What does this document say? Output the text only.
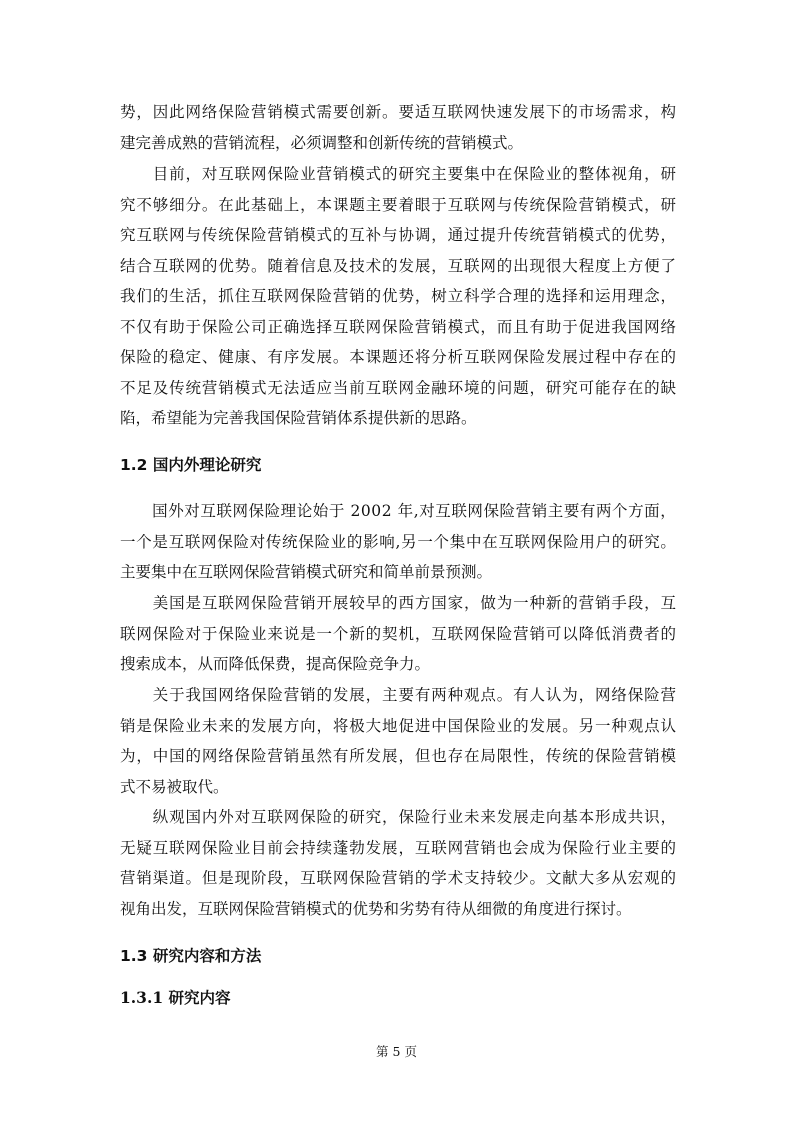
势，因此网络保险营销模式需要创新。要适互联网快速发展下的市场需求，构
建完善成熟的营销流程，必须调整和创新传统的营销模式。

　　目前，对互联网保险业营销模式的研究主要集中在保险业的整体视角，研
究不够细分。在此基础上，本课题主要着眼于互联网与传统保险营销模式，研
究互联网与传统保险营销模式的互补与协调，通过提升传统营销模式的优势，
结合互联网的优势。随着信息及技术的发展，互联网的出现很大程度上方便了
我们的生活，抓住互联网保险营销的优势，树立科学合理的选择和运用理念，
不仅有助于保险公司正确选择互联网保险营销模式，而且有助于促进我国网络
保险的稳定、健康、有序发展。本课题还将分析互联网保险发展过程中存在的
不足及传统营销模式无法适应当前互联网金融环境的问题，研究可能存在的缺
陷，希望能为完善我国保险营销体系提供新的思路。

1.2 国内外理论研究

　　国外对互联网保险理论始于 2002 年,对互联网保险营销主要有两个方面，
一个是互联网保险对传统保险业的影响,另一个集中在互联网保险用户的研究。
主要集中在互联网保险营销模式研究和简单前景预测。

　　美国是互联网保险营销开展较早的西方国家，做为一种新的营销手段，互
联网保险对于保险业来说是一个新的契机，互联网保险营销可以降低消费者的
搜索成本，从而降低保费，提高保险竞争力。

　　关于我国网络保险营销的发展，主要有两种观点。有人认为，网络保险营
销是保险业未来的发展方向，将极大地促进中国保险业的发展。另一种观点认
为，中国的网络保险营销虽然有所发展，但也存在局限性，传统的保险营销模
式不易被取代。

　　纵观国内外对互联网保险的研究，保险行业未来发展走向基本形成共识，
无疑互联网保险业目前会持续蓬勃发展，互联网营销也会成为保险行业主要的
营销渠道。但是现阶段，互联网保险营销的学术支持较少。文献大多从宏观的
视角出发，互联网保险营销模式的优势和劣势有待从细微的角度进行探讨。

1.3 研究内容和方法
1.3.1 研究内容
第 5 页
